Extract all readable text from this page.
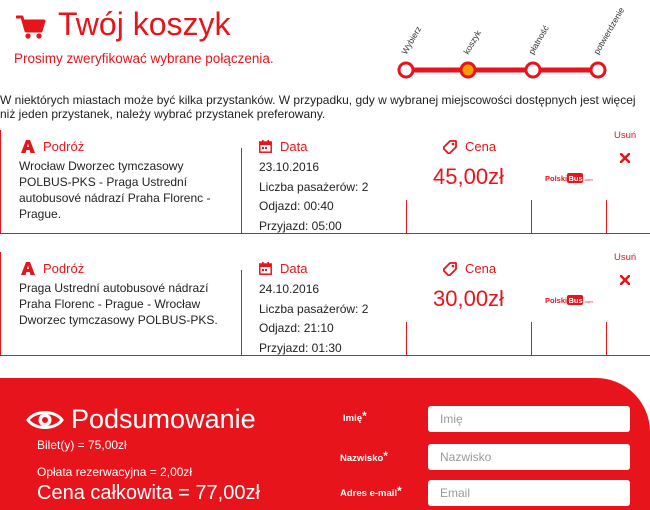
Twój koszyk
Prosimy zweryfikować wybrane połączenia.
Wybierz	koszyk	płatność	potwierdzenie
W niektórych miastach może być kilka przystanków. W przypadku, gdy w wybranej miejscowości dostępnych jest więcej niż jeden przystanek, należy wybrać przystanek preferowany.
Podróż	Data	Cena
Usuń
Wrocław Dworzec tymczasowy POLBUS-PKS - Praga Ustrední autobusové nádrazí Praha Florenc - Prague.
23.10.2016
Liczba pasażerów: 2
Odjazd: 00:40
Przyjazd: 05:00
45,00zł	Polski Bus .com
Podróż	Data	Cena
Usuń
Praga Ustrední autobusové nádrazí Praha Florenc - Prague - Wrocław Dworzec tymczasowy POLBUS-PKS.
24.10.2016
Liczba pasażerów: 2
Odjazd: 21:10
Przyjazd: 01:30
30,00zł	Polski Bus .com
Podsumowanie
Bilet(y) = 75,00zł
Opłata rezerwacyjna = 2,00zł
Cena całkowita = 77,00zł
Imię*
Imię
Nazwisko*
Nazwisko
Adres e-mail*
Email
